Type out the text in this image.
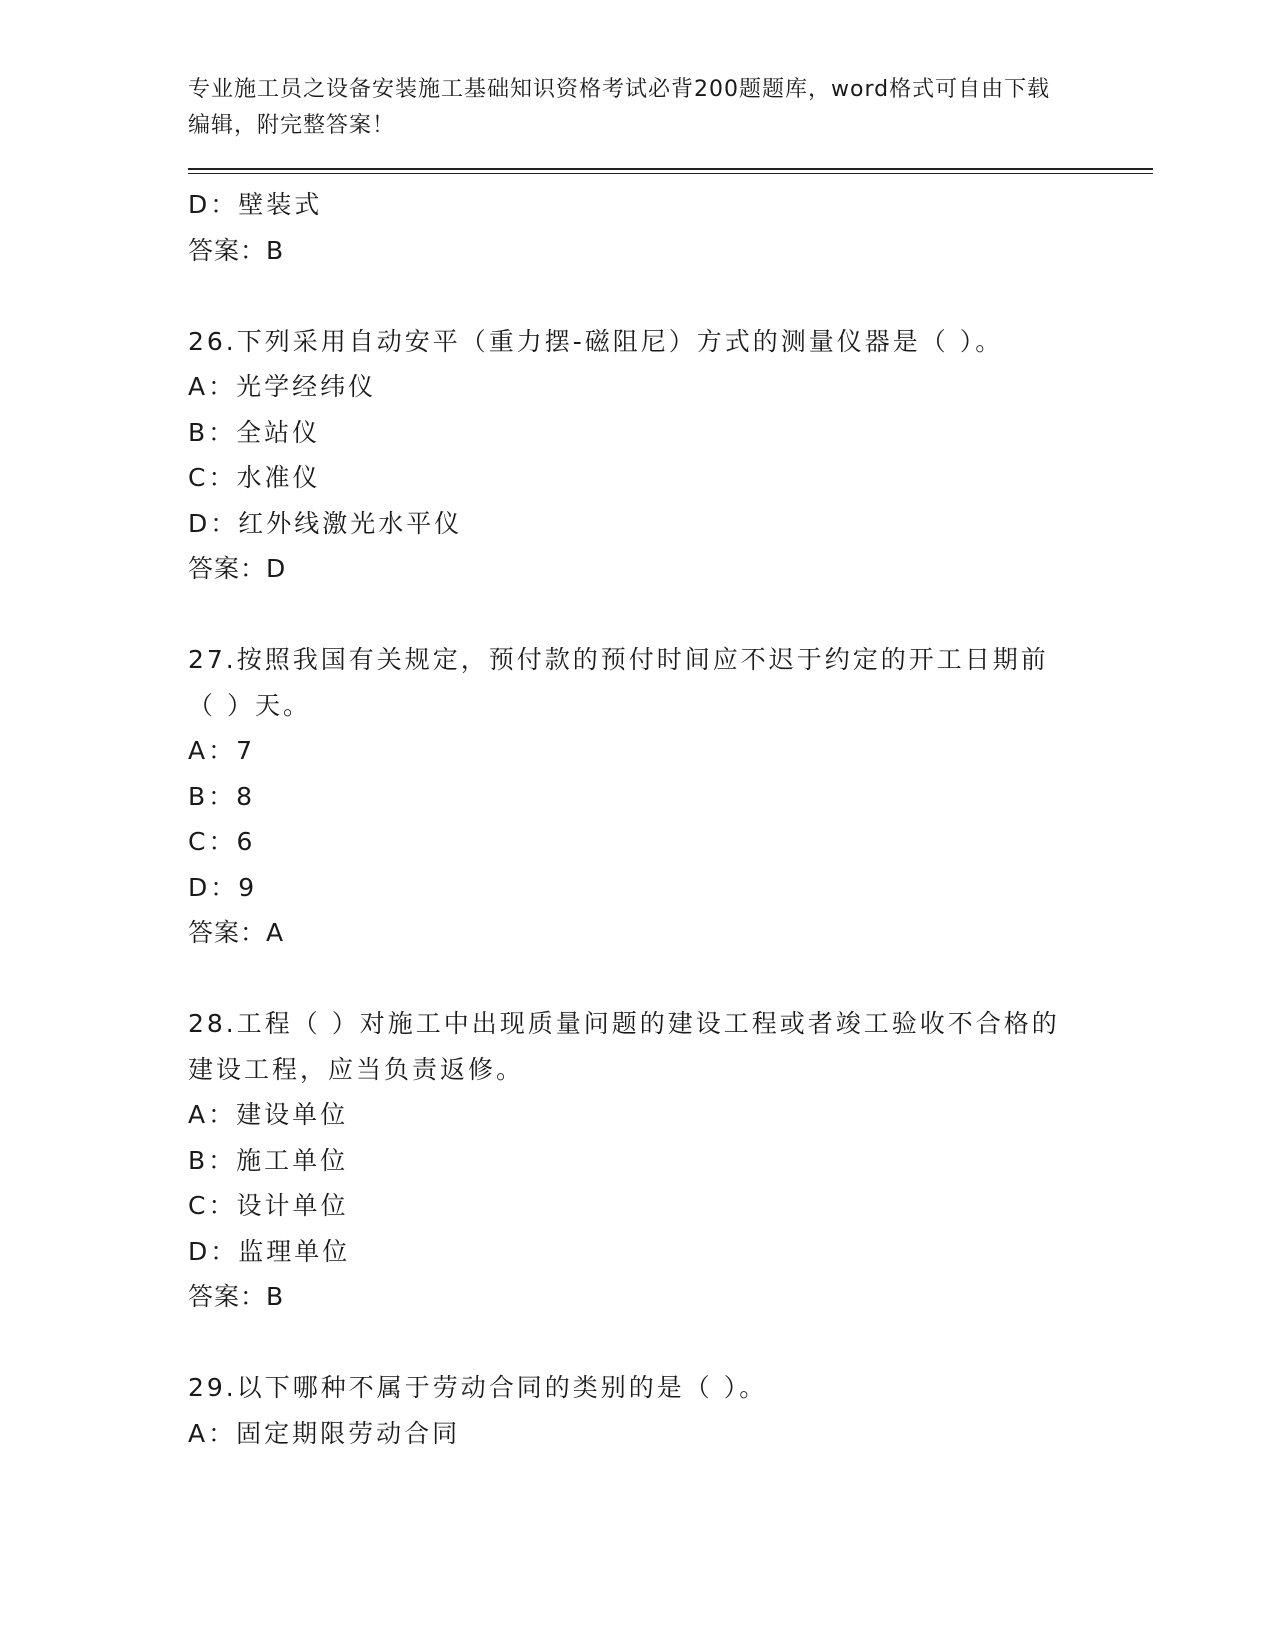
专业施工员之设备安装施工基础知识资格考试必背200题题库，word格式可自由下载编辑，附完整答案！
D：壁装式
答案：B
26.下列采用自动安平（重力摆-磁阻尼）方式的测量仪器是（ ）。
A：光学经纬仪
B：全站仪
C：水准仪
D：红外线激光水平仪
答案：D
27.按照我国有关规定，预付款的预付时间应不迟于约定的开工日期前（ ）天。
A：7
B：8
C：6
D：9
答案：A
28.工程（ ）对施工中出现质量问题的建设工程或者竣工验收不合格的建设工程，应当负责返修。
A：建设单位
B：施工单位
C：设计单位
D：监理单位
答案：B
29.以下哪种不属于劳动合同的类别的是（ ）。
A：固定期限劳动合同
